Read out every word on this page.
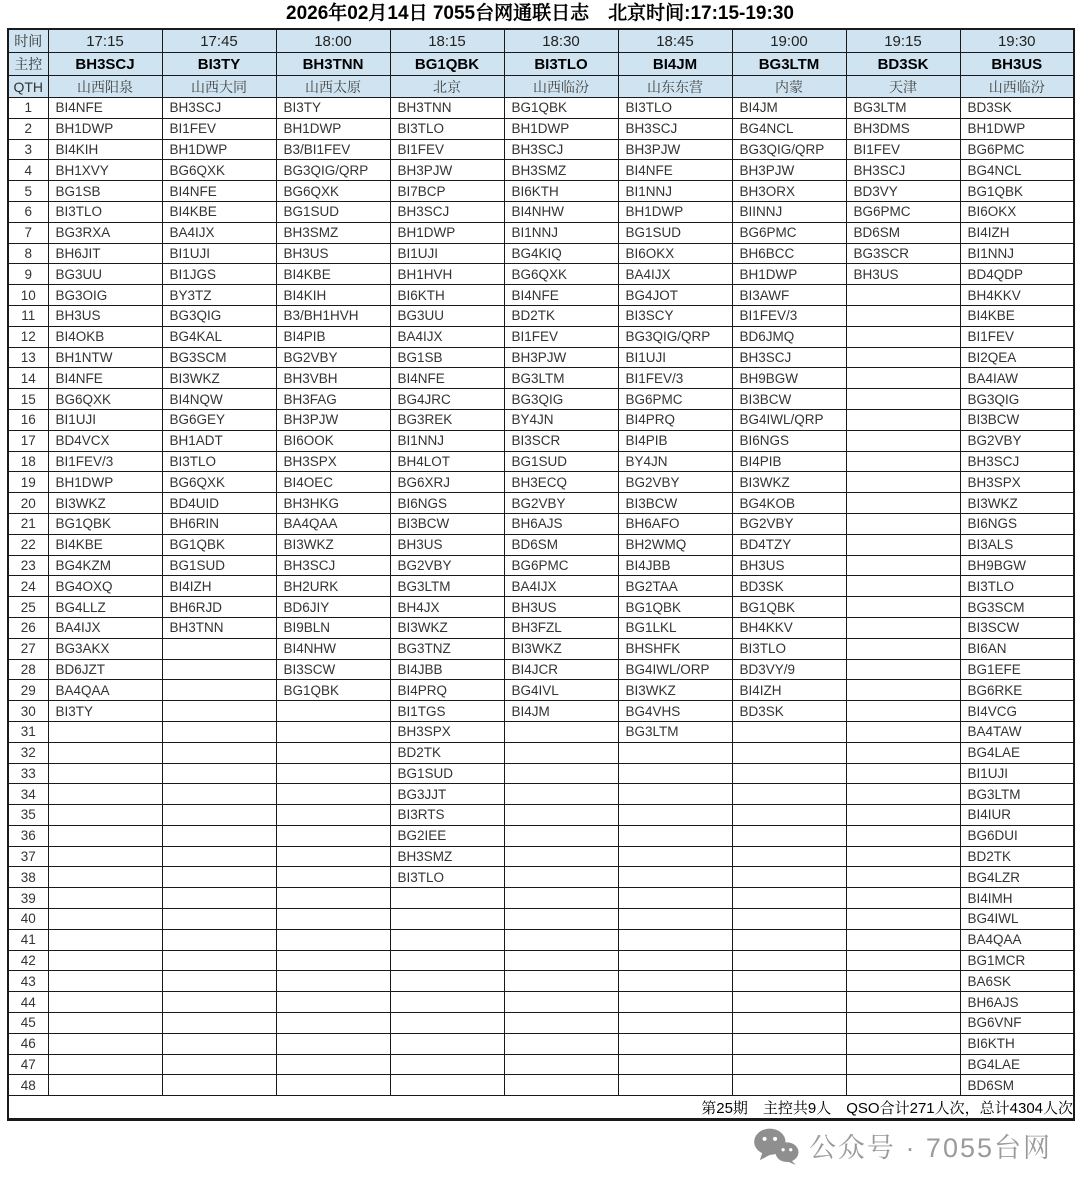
2026年02月14日 7055台网通联日志　北京时间:17:15-19:30
时间	17:15	17:45	18:00	18:15	18:30	18:45	19:00	19:15	19:30
主控	BH3SCJ	BI3TY	BH3TNN	BG1QBK	BI3TLO	BI4JM	BG3LTM	BD3SK	BH3US
QTH	山西阳泉	山西大同	山西太原	北京	山西临汾	山东东营	内蒙	天津	山西临汾
1	BI4NFE	BH3SCJ	BI3TY	BH3TNN	BG1QBK	BI3TLO	BI4JM	BG3LTM	BD3SK
2	BH1DWP	BI1FEV	BH1DWP	BI3TLO	BH1DWP	BH3SCJ	BG4NCL	BH3DMS	BH1DWP
3	BI4KIH	BH1DWP	B3/BI1FEV	BI1FEV	BH3SCJ	BH3PJW	BG3QIG/QRP	BI1FEV	BG6PMC
4	BH1XVY	BG6QXK	BG3QIG/QRP	BH3PJW	BH3SMZ	BI4NFE	BH3PJW	BH3SCJ	BG4NCL
5	BG1SB	BI4NFE	BG6QXK	BI7BCP	BI6KTH	BI1NNJ	BH3ORX	BD3VY	BG1QBK
6	BI3TLO	BI4KBE	BG1SUD	BH3SCJ	BI4NHW	BH1DWP	BIINNJ	BG6PMC	BI6OKX
7	BG3RXA	BA4IJX	BH3SMZ	BH1DWP	BI1NNJ	BG1SUD	BG6PMC	BD6SM	BI4IZH
8	BH6JIT	BI1UJI	BH3US	BI1UJI	BG4KIQ	BI6OKX	BH6BCC	BG3SCR	BI1NNJ
9	BG3UU	BI1JGS	BI4KBE	BH1HVH	BG6QXK	BA4IJX	BH1DWP	BH3US	BD4QDP
10	BG3OIG	BY3TZ	BI4KIH	BI6KTH	BI4NFE	BG4JOT	BI3AWF		BH4KKV
11	BH3US	BG3QIG	B3/BH1HVH	BG3UU	BD2TK	BI3SCY	BI1FEV/3		BI4KBE
12	BI4OKB	BG4KAL	BI4PIB	BA4IJX	BI1FEV	BG3QIG/QRP	BD6JMQ		BI1FEV
13	BH1NTW	BG3SCM	BG2VBY	BG1SB	BH3PJW	BI1UJI	BH3SCJ		BI2QEA
14	BI4NFE	BI3WKZ	BH3VBH	BI4NFE	BG3LTM	BI1FEV/3	BH9BGW		BA4IAW
15	BG6QXK	BI4NQW	BH3FAG	BG4JRC	BG3QIG	BG6PMC	BI3BCW		BG3QIG
16	BI1UJI	BG6GEY	BH3PJW	BG3REK	BY4JN	BI4PRQ	BG4IWL/QRP		BI3BCW
17	BD4VCX	BH1ADT	BI6OOK	BI1NNJ	BI3SCR	BI4PIB	BI6NGS		BG2VBY
18	BI1FEV/3	BI3TLO	BH3SPX	BH4LOT	BG1SUD	BY4JN	BI4PIB		BH3SCJ
19	BH1DWP	BG6QXK	BI4OEC	BG6XRJ	BH3ECQ	BG2VBY	BI3WKZ		BH3SPX
20	BI3WKZ	BD4UID	BH3HKG	BI6NGS	BG2VBY	BI3BCW	BG4KOB		BI3WKZ
21	BG1QBK	BH6RIN	BA4QAA	BI3BCW	BH6AJS	BH6AFO	BG2VBY		BI6NGS
22	BI4KBE	BG1QBK	BI3WKZ	BH3US	BD6SM	BH2WMQ	BD4TZY		BI3ALS
23	BG4KZM	BG1SUD	BH3SCJ	BG2VBY	BG6PMC	BI4JBB	BH3US		BH9BGW
24	BG4OXQ	BI4IZH	BH2URK	BG3LTM	BA4IJX	BG2TAA	BD3SK		BI3TLO
25	BG4LLZ	BH6RJD	BD6JIY	BH4JX	BH3US	BG1QBK	BG1QBK		BG3SCM
26	BA4IJX	BH3TNN	BI9BLN	BI3WKZ	BH3FZL	BG1LKL	BH4KKV		BI3SCW
27	BG3AKX		BI4NHW	BG3TNZ	BI3WKZ	BHSHFK	BI3TLO		BI6AN
28	BD6JZT		BI3SCW	BI4JBB	BI4JCR	BG4IWL/ORP	BD3VY/9		BG1EFE
29	BA4QAA		BG1QBK	BI4PRQ	BG4IVL	BI3WKZ	BI4IZH		BG6RKE
30	BI3TY			BI1TGS	BI4JM	BG4VHS	BD3SK		BI4VCG
31				BH3SPX		BG3LTM			BA4TAW
32				BD2TK					BG4LAE
33				BG1SUD					BI1UJI
34				BG3JJT					BG3LTM
35				BI3RTS					BI4IUR
36				BG2IEE					BG6DUI
37				BH3SMZ					BD2TK
38				BI3TLO					BG4LZR
39									BI4IMH
40									BG4IWL
41									BA4QAA
42									BG1MCR
43									BA6SK
44									BH6AJS
45									BG6VNF
46									BI6KTH
47									BG4LAE
48									BD6SM
第25期　主控共9人　QSO合计271人次，总计4304人次									
公众号 · 7055台网
